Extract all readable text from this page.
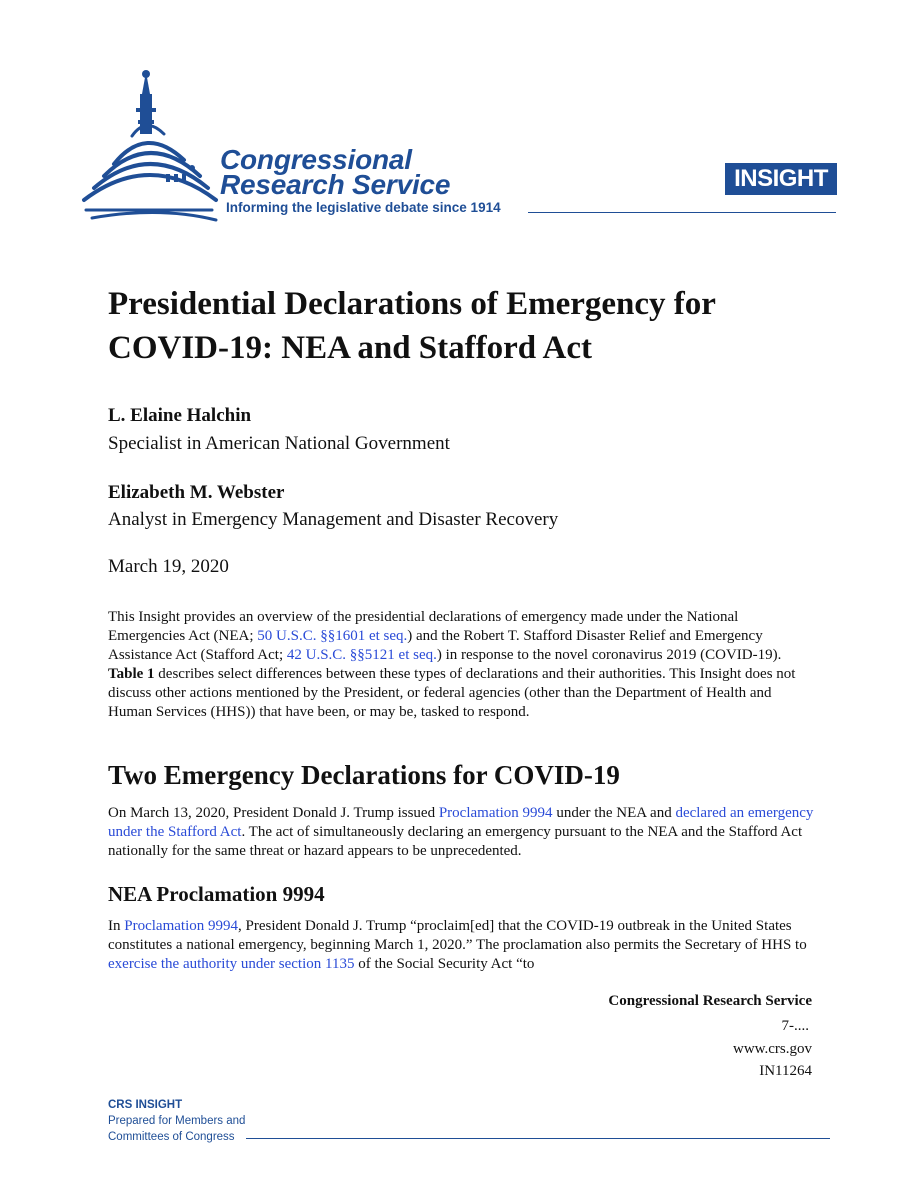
Congressional
Research Service
Informing the legislative debate since 1914
INSIGHT
Presidential Declarations of Emergency for COVID-19: NEA and Stafford Act

L. Elaine Halchin

Specialist in American National Government

Elizabeth M. Webster

Analyst in Emergency Management and Disaster Recovery

March 19, 2020

This Insight provides an overview of the presidential declarations of emergency made under the National Emergencies Act (NEA; 50 U.S.C. §§1601 et seq.) and the Robert T. Stafford Disaster Relief and Emergency Assistance Act (Stafford Act; 42 U.S.C. §§5121 et seq.) in response to the novel coronavirus 2019 (COVID-19). Table 1 describes select differences between these types of declarations and their authorities. This Insight does not discuss other actions mentioned by the President, or federal agencies (other than the Department of Health and Human Services (HHS)) that have been, or may be, tasked to respond.

Two Emergency Declarations for COVID-19

On March 13, 2020, President Donald J. Trump issued Proclamation 9994 under the NEA and declared an emergency under the Stafford Act. The act of simultaneously declaring an emergency pursuant to the NEA and the Stafford Act nationally for the same threat or hazard appears to be unprecedented.

NEA Proclamation 9994

In Proclamation 9994, President Donald J. Trump “proclaim[ed] that the COVID-19 outbreak in the United States constitutes a national emergency, beginning March 1, 2020.” The proclamation also permits the Secretary of HHS to exercise the authority under section 1135 of the Social Security Act “to

Congressional Research Service
7-....
www.crs.gov
IN11264
CRS INSIGHT
Prepared for Members and
Committees of Congress
